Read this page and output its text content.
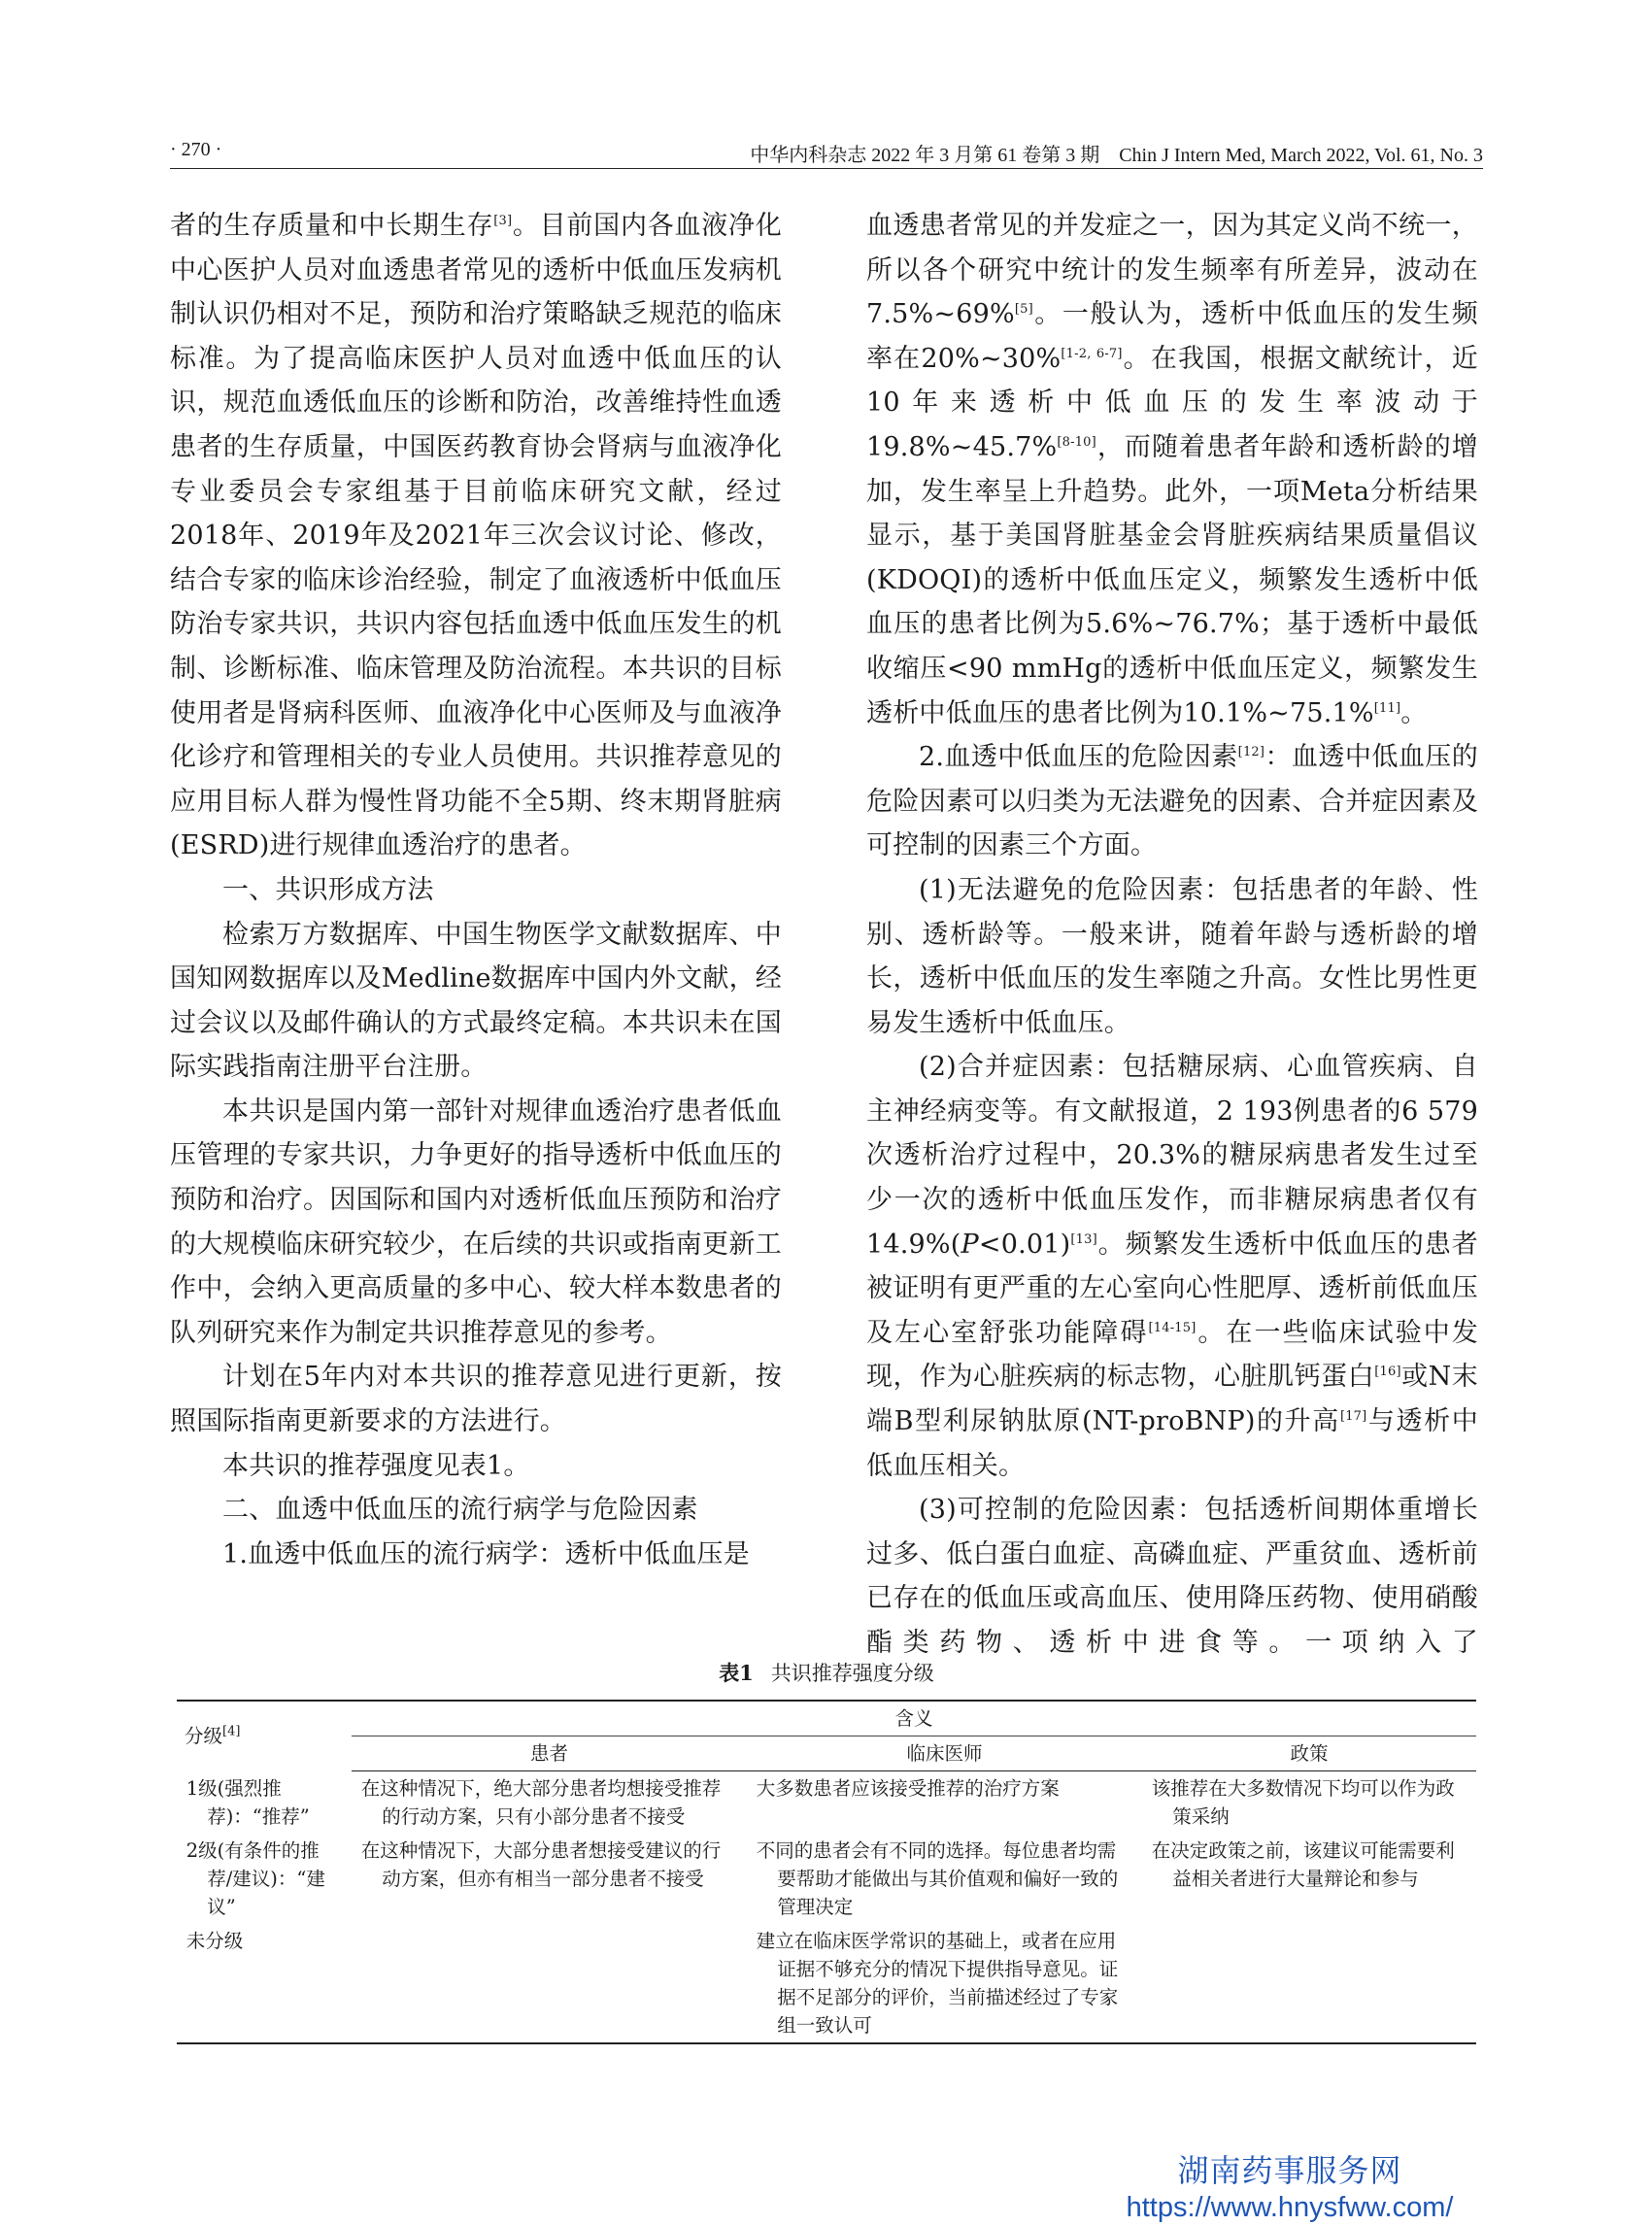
· 270 ·	中华内科杂志 2022 年 3 月第 61 卷第 3 期　Chin J Intern Med, March 2022, Vol. 61, No. 3

者的生存质量和中长期生存[3]。目前国内各血液净化中心医护人员对血透患者常见的透析中低血压发病机制认识仍相对不足，预防和治疗策略缺乏规范的临床标准。为了提高临床医护人员对血透中低血压的认识，规范血透低血压的诊断和防治，改善维持性血透患者的生存质量，中国医药教育协会肾病与血液净化专业委员会专家组基于目前临床研究文献，经过2018年、2019年及2021年三次会议讨论、修改，结合专家的临床诊治经验，制定了血液透析中低血压防治专家共识，共识内容包括血透中低血压发生的机制、诊断标准、临床管理及防治流程。本共识的目标使用者是肾病科医师、血液净化中心医师及与血液净化诊疗和管理相关的专业人员使用。共识推荐意见的应用目标人群为慢性肾功能不全5期、终末期肾脏病(ESRD)进行规律血透治疗的患者。

一、共识形成方法

检索万方数据库、中国生物医学文献数据库、中国知网数据库以及Medline数据库中国内外文献，经过会议以及邮件确认的方式最终定稿。本共识未在国际实践指南注册平台注册。

本共识是国内第一部针对规律血透治疗患者低血压管理的专家共识，力争更好的指导透析中低血压的预防和治疗。因国际和国内对透析低血压预防和治疗的大规模临床研究较少，在后续的共识或指南更新工作中，会纳入更高质量的多中心、较大样本数患者的队列研究来作为制定共识推荐意见的参考。

计划在5年内对本共识的推荐意见进行更新，按照国际指南更新要求的方法进行。

本共识的推荐强度见表1。

二、血透中低血压的流行病学与危险因素

1.血透中低血压的流行病学：透析中低血压是

血透患者常见的并发症之一，因为其定义尚不统一，所以各个研究中统计的发生频率有所差异，波动在7.5%~69%[5]。一般认为，透析中低血压的发生频率在20%~30%[1-2, 6-7]。在我国，根据文献统计，近10年来透析中低血压的发生率波动于19.8%~45.7%[8-10]，而随着患者年龄和透析龄的增加，发生率呈上升趋势。此外，一项Meta分析结果显示，基于美国肾脏基金会肾脏疾病结果质量倡议(KDOQI)的透析中低血压定义，频繁发生透析中低血压的患者比例为5.6%~76.7%；基于透析中最低收缩压<90 mmHg的透析中低血压定义，频繁发生透析中低血压的患者比例为10.1%~75.1%[11]。

2.血透中低血压的危险因素[12]：血透中低血压的危险因素可以归类为无法避免的因素、合并症因素及可控制的因素三个方面。

(1)无法避免的危险因素：包括患者的年龄、性别、透析龄等。一般来讲，随着年龄与透析龄的增长，透析中低血压的发生率随之升高。女性比男性更易发生透析中低血压。

(2)合并症因素：包括糖尿病、心血管疾病、自主神经病变等。有文献报道，2 193例患者的6 579次透析治疗过程中，20.3%的糖尿病患者发生过至少一次的透析中低血压发作，而非糖尿病患者仅有14.9%(P<0.01)[13]。频繁发生透析中低血压的患者被证明有更严重的左心室向心性肥厚、透析前低血压及左心室舒张功能障碍[14-15]。在一些临床试验中发现，作为心脏疾病的标志物，心脏肌钙蛋白[16]或N末端B型利尿钠肽原(NT-proBNP)的升高[17]与透析中低血压相关。

(3)可控制的危险因素：包括透析间期体重增长过多、低白蛋白血症、高磷血症、严重贫血、透析前已存在的低血压或高血压、使用降压药物、使用硝酸酯类药物、透析中进食等。一项纳入了

表1 共识推荐强度分级
分级[4]	含义		
	患者	临床医师	政策
1级(强烈推荐)：“推荐”	在这种情况下，绝大部分患者均想接受推荐的行动方案，只有小部分患者不接受	大多数患者应该接受推荐的治疗方案	该推荐在大多数情况下均可以作为政策采纳
2级(有条件的推荐/建议)：“建议”	在这种情况下，大部分患者想接受建议的行动方案，但亦有相当一部分患者不接受	不同的患者会有不同的选择。每位患者均需要帮助才能做出与其价值观和偏好一致的管理决定	在决定政策之前，该建议可能需要利益相关者进行大量辩论和参与
未分级		建立在临床医学常识的基础上，或者在应用证据不够充分的情况下提供指导意见。证据不足部分的评价，当前描述经过了专家组一致认可	
湖南药事服务网
https://www.hnysfww.com/
